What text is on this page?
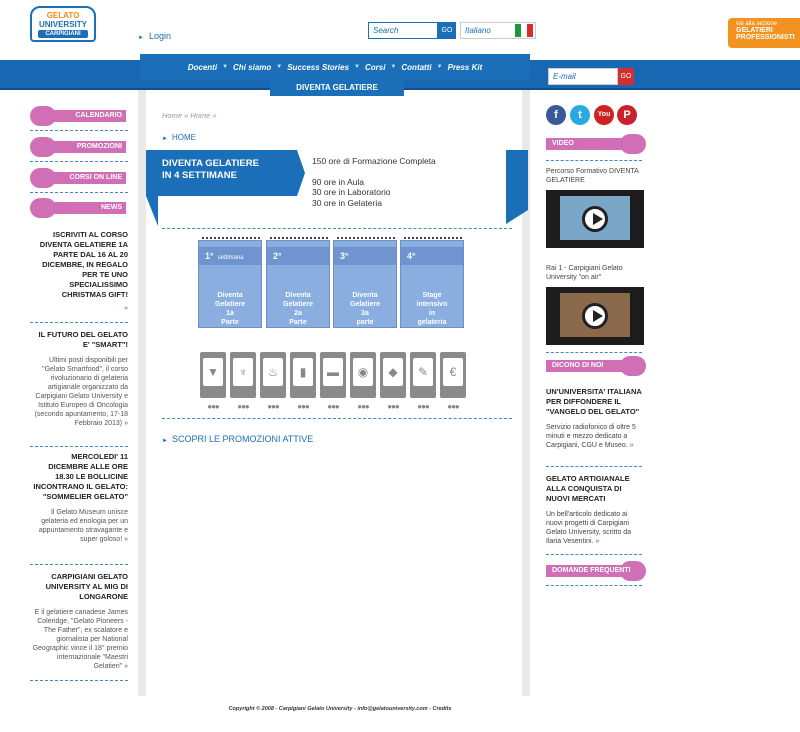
GELATO
UNIVERSITY
CARPIGIANI
► Login
Search	GO	Italiano
vai alla sezione
GELATIERI PROFESSIONISTI
Docenti ▼ Chi siamo ▼ Success Stories ▼ Corsi ▼ Contatti ▼ Press Kit
DIVENTA GELATIERE
Iscriviti alla newsletter
E-mail	GO
CALENDARIO
PROMOZIONI
CORSI ON LINE
NEWS
ISCRIVITI AL CORSO DIVENTA GELATIERE 1A PARTE DAL 16 AL 20 DICEMBRE, IN REGALO PER TE UNO SPECIALISSIMO CHRISTMAS GIFT!
»
IL FUTURO DEL GELATO E' "SMART"!
Ultimi posti disponibili per "Gelato Smartfood", il corso rivoluzionario di gelateria artigianale organizzato da Carpigiani Gelato University e Istituto Europeo di Oncologia (secondo apuntamento, 17-18 Febbraio 2013) »
MERCOLEDI' 11 DICEMBRE ALLE ORE 18.30 LE BOLLICINE INCONTRANO IL GELATO: "SOMMELIER GELATO"
Il Gelato Museum unisce gelateria ed enologia per un appuntamento stravagante e super goloso! »
CARPIGIANI GELATO UNIVERSITY AL MIG DI LONGARONE
E il gelatiere canadese James Coleridge, "Gelato Pioneers - The Father", ex scalatore e giornalista per National Geographic vince il 18° premio internazionale "Maestri Gelatieri" »
Home » Home »
► HOME
DIVENTA GELATIERE
IN 4 SETTIMANE
150 ore di Formazione Completa
90 ore in Aula
30 ore in Laboratorio
30 ore in Gelateria
1° settimana
Diventa
Gelatiere
1a
Parte
2°
Diventa
Gelatiere
2a
Parte
3°
Diventa
Gelatiere
3a
parte
4°
Stage
intensivo
in
gelateria
▼
●●●
♆
●●●
♨
●●●
▮
●●●
▬
●●●
◉
●●●
◆
●●●
✎
●●●
€
●●●
► SCOPRI LE PROMOZIONI ATTIVE
f	t	You	P
VIDEO
Percorso Formativo DIVENTA GELATIERE
Rai 1 - Carpigiani Gelato University "on air"
DICONO DI NOI
UN'UNIVERSITA' ITALIANA PER DIFFONDERE IL "VANGELO DEL GELATO"
Servizio radiofonico di oltre 5 minuti e mezzo dedicato a Carpigiani, CGU e Museo. »
GELATO ARTIGIANALE ALLA CONQUISTA DI NUOVI MERCATI
Un bell'articolo dedicato ai nuovi progetti di Carpigiani Gelato University, scritto da Ilaria Vesentini. »
DOMANDE FREQUENTI
Copyright © 2008 - Carpigiani Gelato University - info@gelatouniversity.com - Credits
